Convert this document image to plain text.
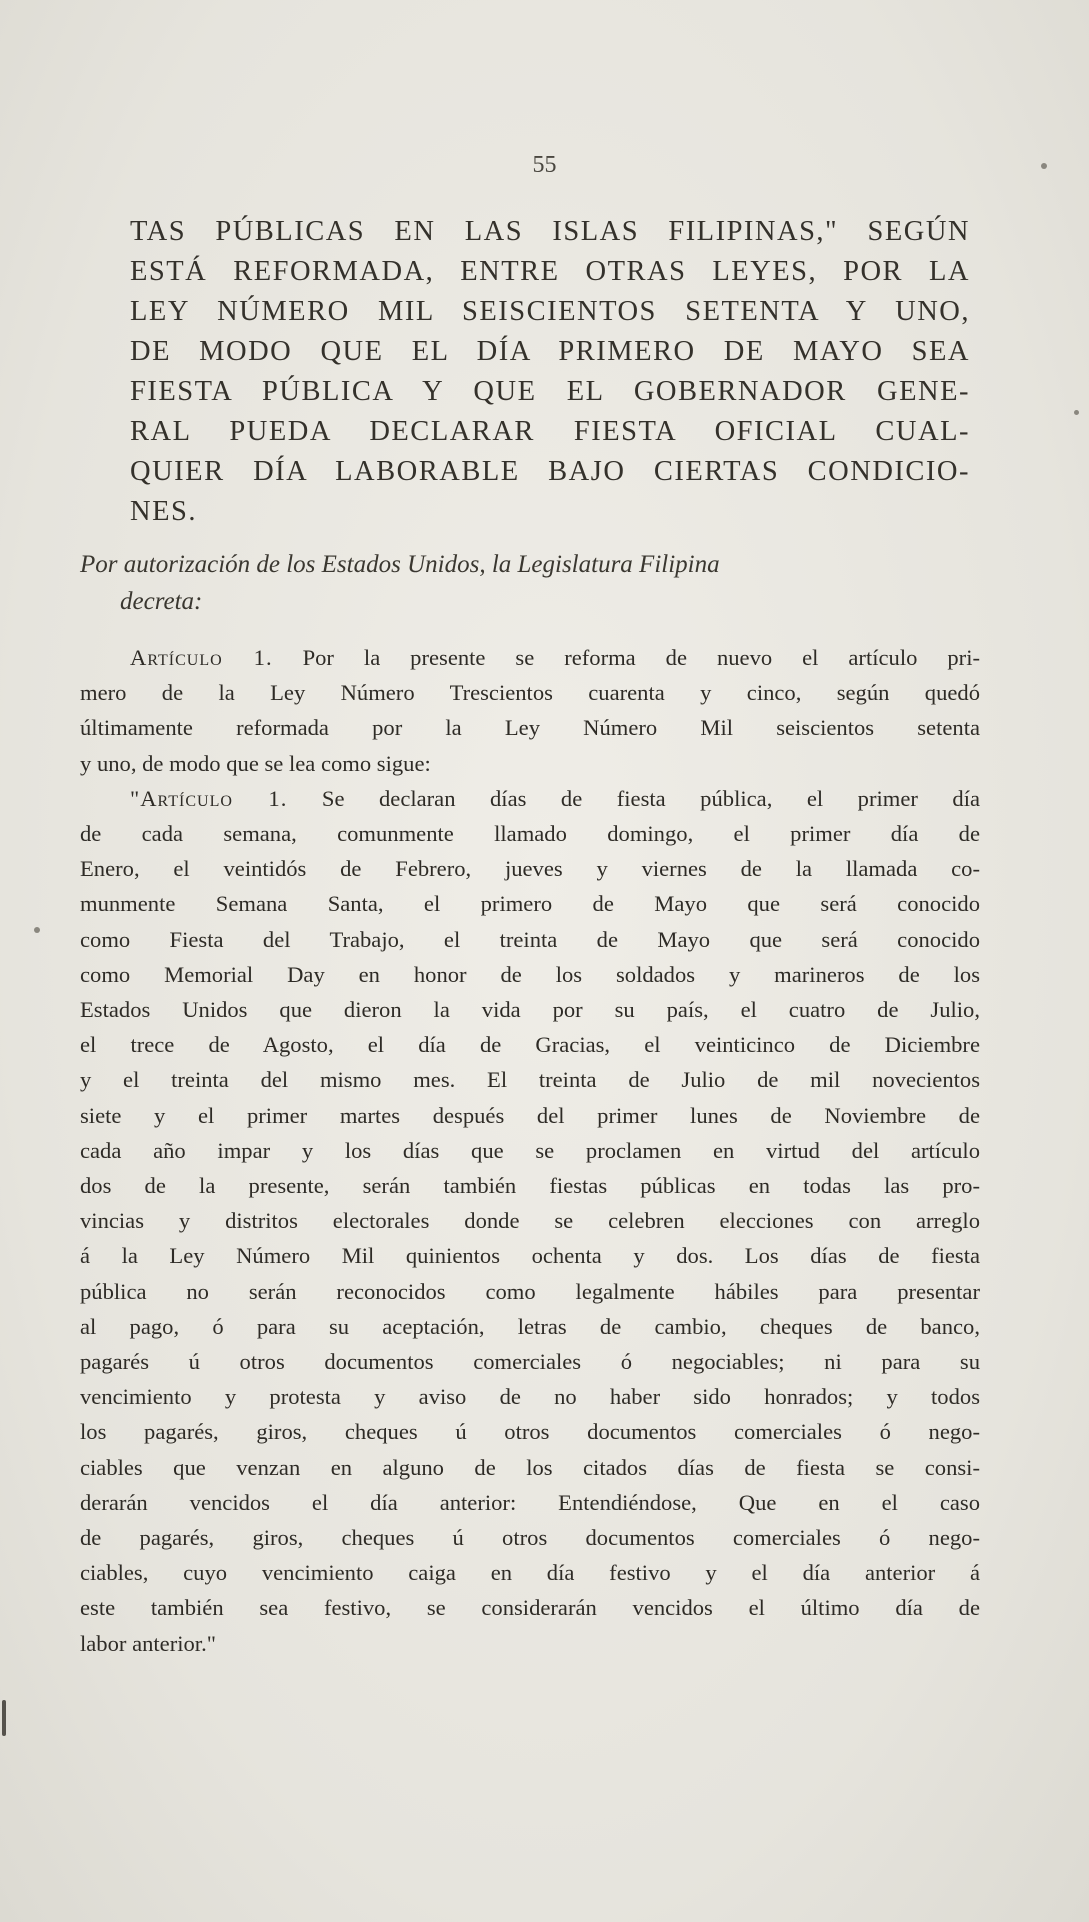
55
TAS PÚBLICAS EN LAS ISLAS FILIPINAS," SEGÚN
ESTÁ REFORMADA, ENTRE OTRAS LEYES, POR LA
LEY NÚMERO MIL SEISCIENTOS SETENTA Y UNO,
DE MODO QUE EL DÍA PRIMERO DE MAYO SEA
FIESTA PÚBLICA Y QUE EL GOBERNADOR GENE-
RAL PUEDA DECLARAR FIESTA OFICIAL CUAL-
QUIER DÍA LABORABLE BAJO CIERTAS CONDICIO-
NES.
Por autorización de los Estados Unidos, la Legislatura Filipina
decreta:
Artículo 1. Por la presente se reforma de nuevo el artículo pri-
mero de la Ley Número Trescientos cuarenta y cinco, según quedó
últimamente reformada por la Ley Número Mil seiscientos setenta
y uno, de modo que se lea como sigue:
"Artículo 1. Se declaran días de fiesta pública, el primer día
de cada semana, comunmente llamado domingo, el primer día de
Enero, el veintidós de Febrero, jueves y viernes de la llamada co-
munmente Semana Santa, el primero de Mayo que será conocido
como Fiesta del Trabajo, el treinta de Mayo que será conocido
como Memorial Day en honor de los soldados y marineros de los
Estados Unidos que dieron la vida por su país, el cuatro de Julio,
el trece de Agosto, el día de Gracias, el veinticinco de Diciembre
y el treinta del mismo mes. El treinta de Julio de mil novecientos
siete y el primer martes después del primer lunes de Noviembre de
cada año impar y los días que se proclamen en virtud del artículo
dos de la presente, serán también fiestas públicas en todas las pro-
vincias y distritos electorales donde se celebren elecciones con arreglo
á la Ley Número Mil quinientos ochenta y dos. Los días de fiesta
pública no serán reconocidos como legalmente hábiles para presentar
al pago, ó para su aceptación, letras de cambio, cheques de banco,
pagarés ú otros documentos comerciales ó negociables; ni para su
vencimiento y protesta y aviso de no haber sido honrados; y todos
los pagarés, giros, cheques ú otros documentos comerciales ó nego-
ciables que venzan en alguno de los citados días de fiesta se consi-
derarán vencidos el día anterior: Entendiéndose, Que en el caso
de pagarés, giros, cheques ú otros documentos comerciales ó nego-
ciables, cuyo vencimiento caiga en día festivo y el día anterior á
este también sea festivo, se considerarán vencidos el último día de
labor anterior."
